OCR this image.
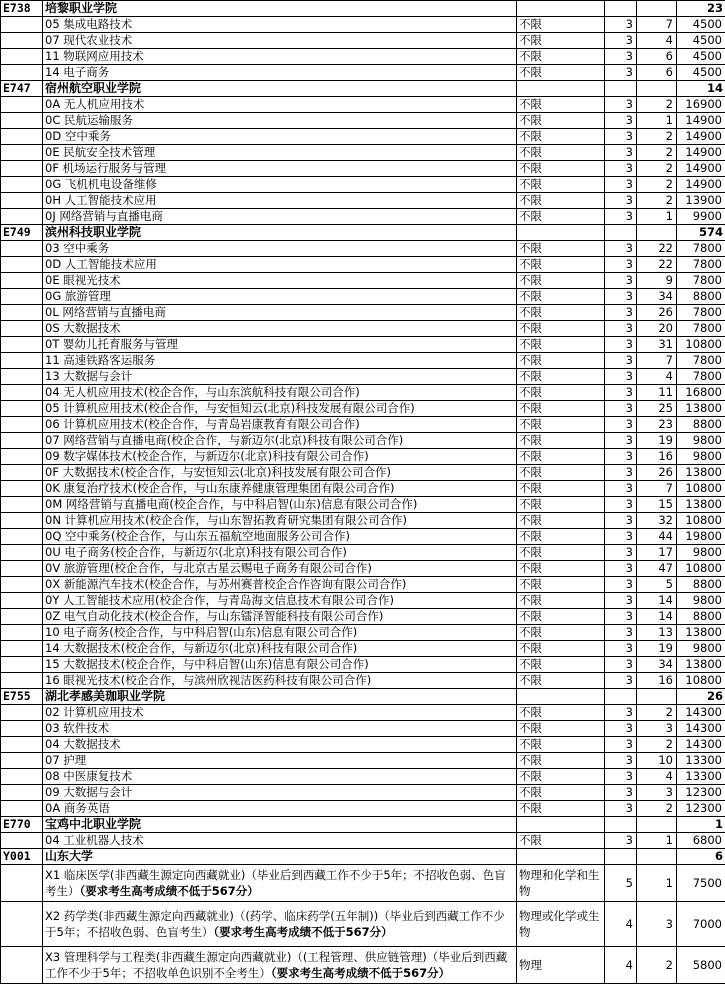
E738	培黎职业学院				23
	05 集成电路技术	不限	3	7	4500
	07 现代农业技术	不限	3	4	4500
	11 物联网应用技术	不限	3	6	4500
	14 电子商务	不限	3	6	4500
E747	宿州航空职业学院				14
	0A 无人机应用技术	不限	3	2	16900
	0C 民航运输服务	不限	3	1	14900
	0D 空中乘务	不限	3	2	14900
	0E 民航安全技术管理	不限	3	2	14900
	0F 机场运行服务与管理	不限	3	2	14900
	0G 飞机机电设备维修	不限	3	2	14900
	0H 人工智能技术应用	不限	3	2	13900
	0J 网络营销与直播电商	不限	3	1	9900
E749	滨州科技职业学院				574
	03 空中乘务	不限	3	22	7800
	0D 人工智能技术应用	不限	3	22	7800
	0E 眼视光技术	不限	3	9	7800
	0G 旅游管理	不限	3	34	8800
	0L 网络营销与直播电商	不限	3	26	7800
	0S 大数据技术	不限	3	20	7800
	0T 婴幼儿托育服务与管理	不限	3	31	10800
	11 高速铁路客运服务	不限	3	7	7800
	13 大数据与会计	不限	3	4	7800
	04 无人机应用技术(校企合作，与山东滨航科技有限公司合作)	不限	3	11	16800
	05 计算机应用技术(校企合作，与安恒知云(北京)科技发展有限公司合作)	不限	3	25	13800
	06 计算机应用技术(校企合作，与青岛岩康教育有限公司合作)	不限	3	23	8800
	07 网络营销与直播电商(校企合作，与新迈尔(北京)科技有限公司合作)	不限	3	19	9800
	09 数字媒体技术(校企合作，与新迈尔(北京)科技有限公司合作)	不限	3	16	9800
	0F 大数据技术(校企合作，与安恒知云(北京)科技发展有限公司合作)	不限	3	26	13800
	0K 康复治疗技术(校企合作，与山东康养健康管理集团有限公司合作)	不限	3	7	10800
	0M 网络营销与直播电商(校企合作，与中科启智(山东)信息有限公司合作)	不限	3	15	13800
	0N 计算机应用技术(校企合作，与山东智拓教育研究集团有限公司合作)	不限	3	32	10800
	0Q 空中乘务(校企合作，与山东五福航空地面服务公司合作)	不限	3	44	19800
	0U 电子商务(校企合作，与新迈尔(北京)科技有限公司合作)	不限	3	17	9800
	0V 旅游管理(校企合作，与北京古星云赐电子商务有限公司合作)	不限	3	47	10800
	0X 新能源汽车技术(校企合作，与苏州赛普校企合作咨询有限公司合作)	不限	3	5	8800
	0Y 人工智能技术应用(校企合作，与青岛海文信息技术有限公司合作)	不限	3	14	9800
	0Z 电气自动化技术(校企合作，与山东镭泽智能科技有限公司合作)	不限	3	14	8800
	10 电子商务(校企合作，与中科启智(山东)信息有限公司合作)	不限	3	13	13800
	14 大数据技术(校企合作，与新迈尔(北京)科技有限公司合作)	不限	3	19	9800
	15 大数据技术(校企合作，与中科启智(山东)信息有限公司合作)	不限	3	34	13800
	16 眼视光技术(校企合作，与滨州欣视洁医药科技有限公司合作)	不限	3	16	10800
E755	湖北孝感美珈职业学院				26
	02 计算机应用技术	不限	3	2	14300
	03 软件技术	不限	3	3	14300
	04 大数据技术	不限	3	2	14300
	07 护理	不限	3	10	13300
	08 中医康复技术	不限	3	4	13300
	09 大数据与会计	不限	3	3	12300
	0A 商务英语	不限	3	2	12300
E770	宝鸡中北职业学院				1
	04 工业机器人技术	不限	3	1	6800
Y001	山东大学				6
	X1 临床医学(非西藏生源定向西藏就业)（毕业后到西藏工作不少于5年；不招收色弱、色盲考生）（要求考生高考成绩不低于567分）	物理和化学和生物	5	1	7500
	X2 药学类(非西藏生源定向西藏就业)（(药学、临床药学(五年制))（毕业后到西藏工作不少于5年；不招收色弱、色盲考生）（要求考生高考成绩不低于567分）	物理或化学或生物	4	3	7000
	X3 管理科学与工程类(非西藏生源定向西藏就业)（(工程管理、供应链管理)（毕业后到西藏工作不少于5年；不招收单色识别不全考生）（要求考生高考成绩不低于567分）	物理	4	2	5800
